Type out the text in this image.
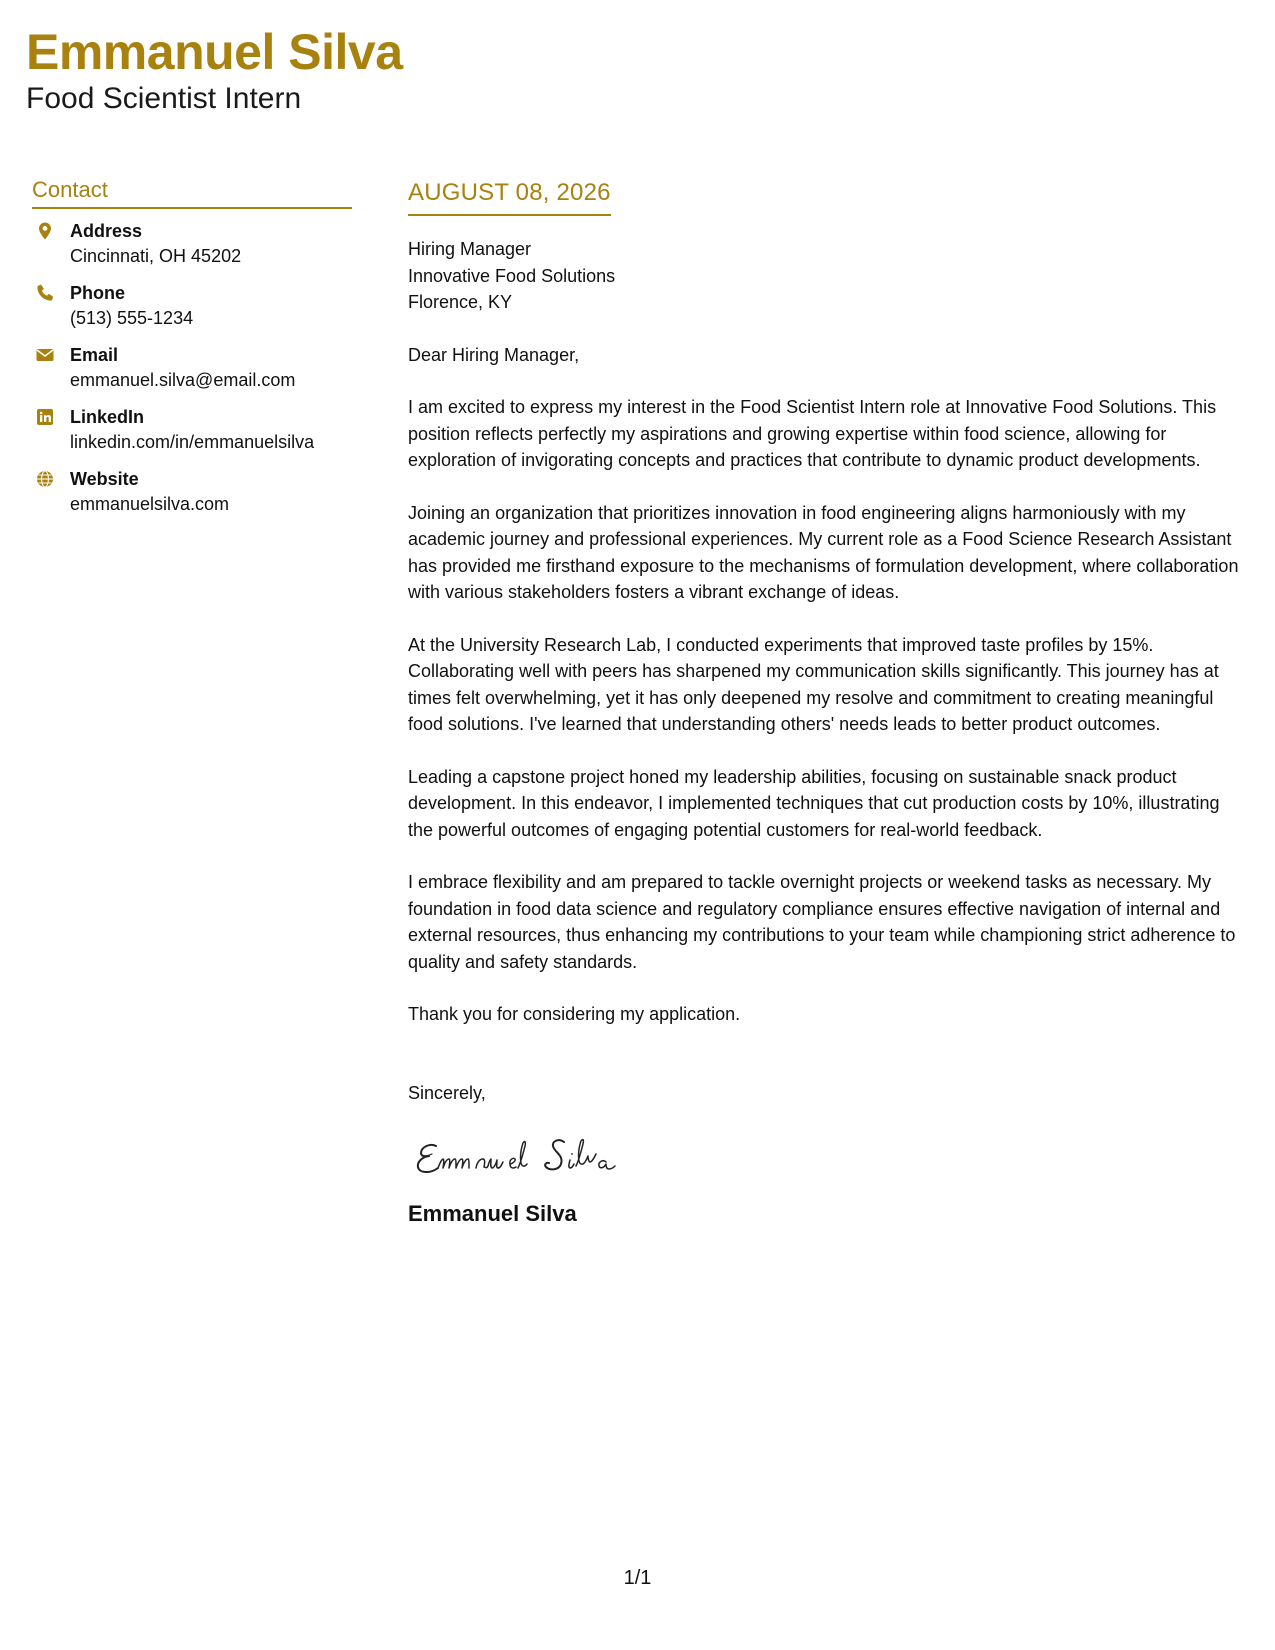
Emmanuel Silva
Food Scientist Intern
Contact
Address
Cincinnati, OH 45202
Phone
(513) 555-1234
Email
emmanuel.silva@email.com
LinkedIn
linkedin.com/in/emmanuelsilva
Website
emmanuelsilva.com
AUGUST 08, 2026
Hiring Manager
Innovative Food Solutions
Florence, KY
Dear Hiring Manager,
I am excited to express my interest in the Food Scientist Intern role at Innovative Food Solutions. This position reflects perfectly my aspirations and growing expertise within food science, allowing for exploration of invigorating concepts and practices that contribute to dynamic product developments.
Joining an organization that prioritizes innovation in food engineering aligns harmoniously with my academic journey and professional experiences. My current role as a Food Science Research Assistant has provided me firsthand exposure to the mechanisms of formulation development, where collaboration with various stakeholders fosters a vibrant exchange of ideas.
At the University Research Lab, I conducted experiments that improved taste profiles by 15%. Collaborating well with peers has sharpened my communication skills significantly. This journey has at times felt overwhelming, yet it has only deepened my resolve and commitment to creating meaningful food solutions. I've learned that understanding others' needs leads to better product outcomes.
Leading a capstone project honed my leadership abilities, focusing on sustainable snack product development. In this endeavor, I implemented techniques that cut production costs by 10%, illustrating the powerful outcomes of engaging potential customers for real-world feedback.
I embrace flexibility and am prepared to tackle overnight projects or weekend tasks as necessary. My foundation in food data science and regulatory compliance ensures effective navigation of internal and external resources, thus enhancing my contributions to your team while championing strict adherence to quality and safety standards.
Thank you for considering my application.
Sincerely,
Emmanuel Silva
1/1
